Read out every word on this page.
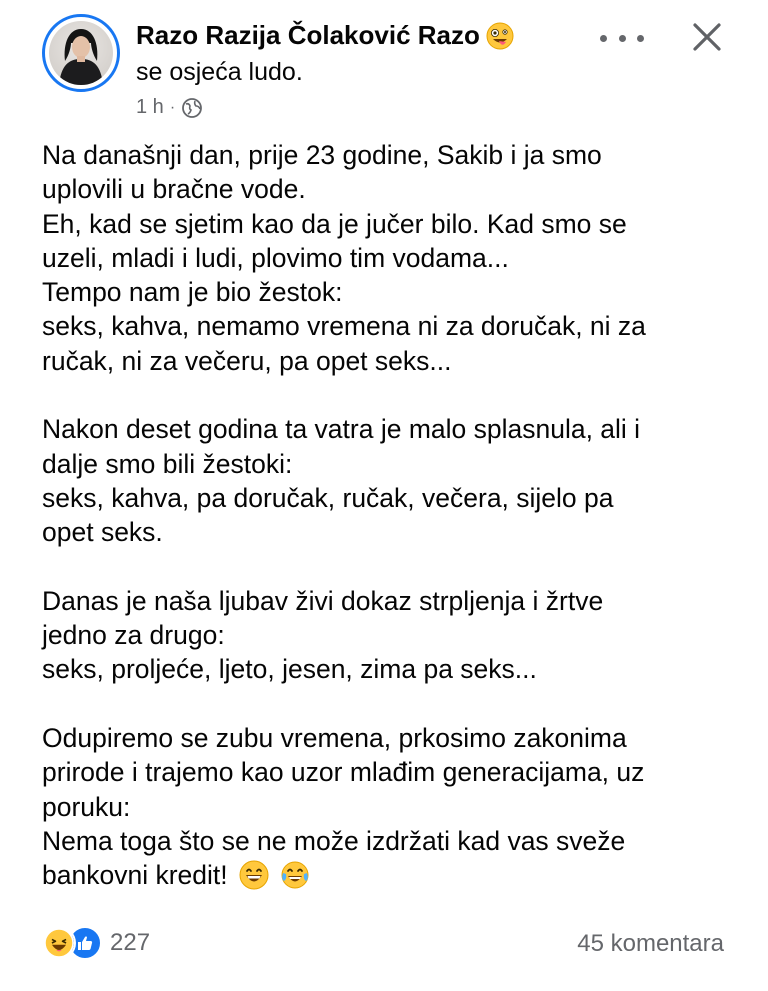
Razo Razija Čolaković Razo
se osjeća ludo.
1 h ·

Na današnji dan, prije 23 godine, Sakib i ja smo
uplovili u bračne vode.
Eh, kad se sjetim kao da je jučer bilo. Kad smo se
uzeli, mladi i ludi, plovimo tim vodama...
Tempo nam je bio žestok:
seks, kahva, nemamo vremena ni za doručak, ni za
ručak, ni za večeru, pa opet seks...

Nakon deset godina ta vatra je malo splasnula, ali i
dalje smo bili žestoki:
seks, kahva, pa doručak, ručak, večera, sijelo pa
opet seks.

Danas je naša ljubav živi dokaz strpljenja i žrtve
jedno za drugo:
seks, proljeće, ljeto, jesen, zima pa seks...

Odupiremo se zubu vremena, prkosimo zakonima
prirode i trajemo kao uzor mlađim generacijama, uz
poruku:
Nema toga što se ne može izdržati kad vas sveže
bankovni kredit!

227	45 komentara
